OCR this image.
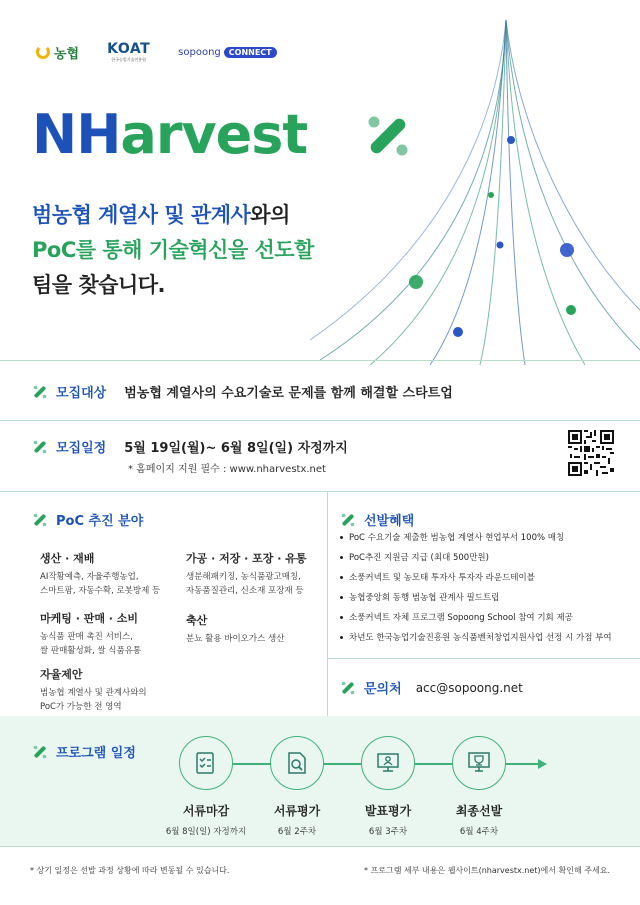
농협 KOAT
한국농업기술진흥원
sopoong	CONNECT
NHarvest
범농협 계열사 및 관계사와의
PoC를 통해 기술혁신을 선도할
팀을 찾습니다.
모집대상 범농협 계열사의 수요기술로 문제를 함께 해결할 스타트업
모집일정 5월 19일(월)~ 6월 8일(일) 자정까지
* 홈페이지 지원 필수 : www.nharvestx.net
PoC 추진 분야
생산 · 재배
AI작황예측, 자율주행농업,
스마트팜, 자동수확, 로봇방제 등
가공 · 저장 · 포장 · 유통
생분해패키징, 농식품광고매칭,
자동품질관리, 신소재 포장재 등
마케팅 · 판매 · 소비
농식품 판매 촉진 서비스,
쌀 판매활성화, 쌀 식품유통
축산
분뇨 활용 바이오가스 생산
자율제안
범농협 계열사 및 관계사와의
PoC가 가능한 전 영역
선발혜택
PoC 수요기술 제출한 범농협 계열사 현업부서 100% 매칭
PoC추진 지원금 지급 (최대 500만원)
소풍커넥트 및 농모태 투자사 투자자 라운드테이블
농협중앙회 동행 범농협 관계사 필드트립
소풍커넥트 자체 프로그램 Sopoong School 참여 기회 제공
차년도 한국농업기술진흥원 농식품벤처창업지원사업 선정 시 가점 부여
문의처 acc@sopoong.net
프로그램 일정
서류마감
6월 8일(일) 자정까지
서류평가
6월 2주차
발표평가
6월 3주차
최종선발
6월 4주차
* 상기 일정은 선발 과정 상황에 따라 변동될 수 있습니다.	* 프로그램 세부 내용은 웹사이트(nharvestx.net)에서 확인해 주세요.
